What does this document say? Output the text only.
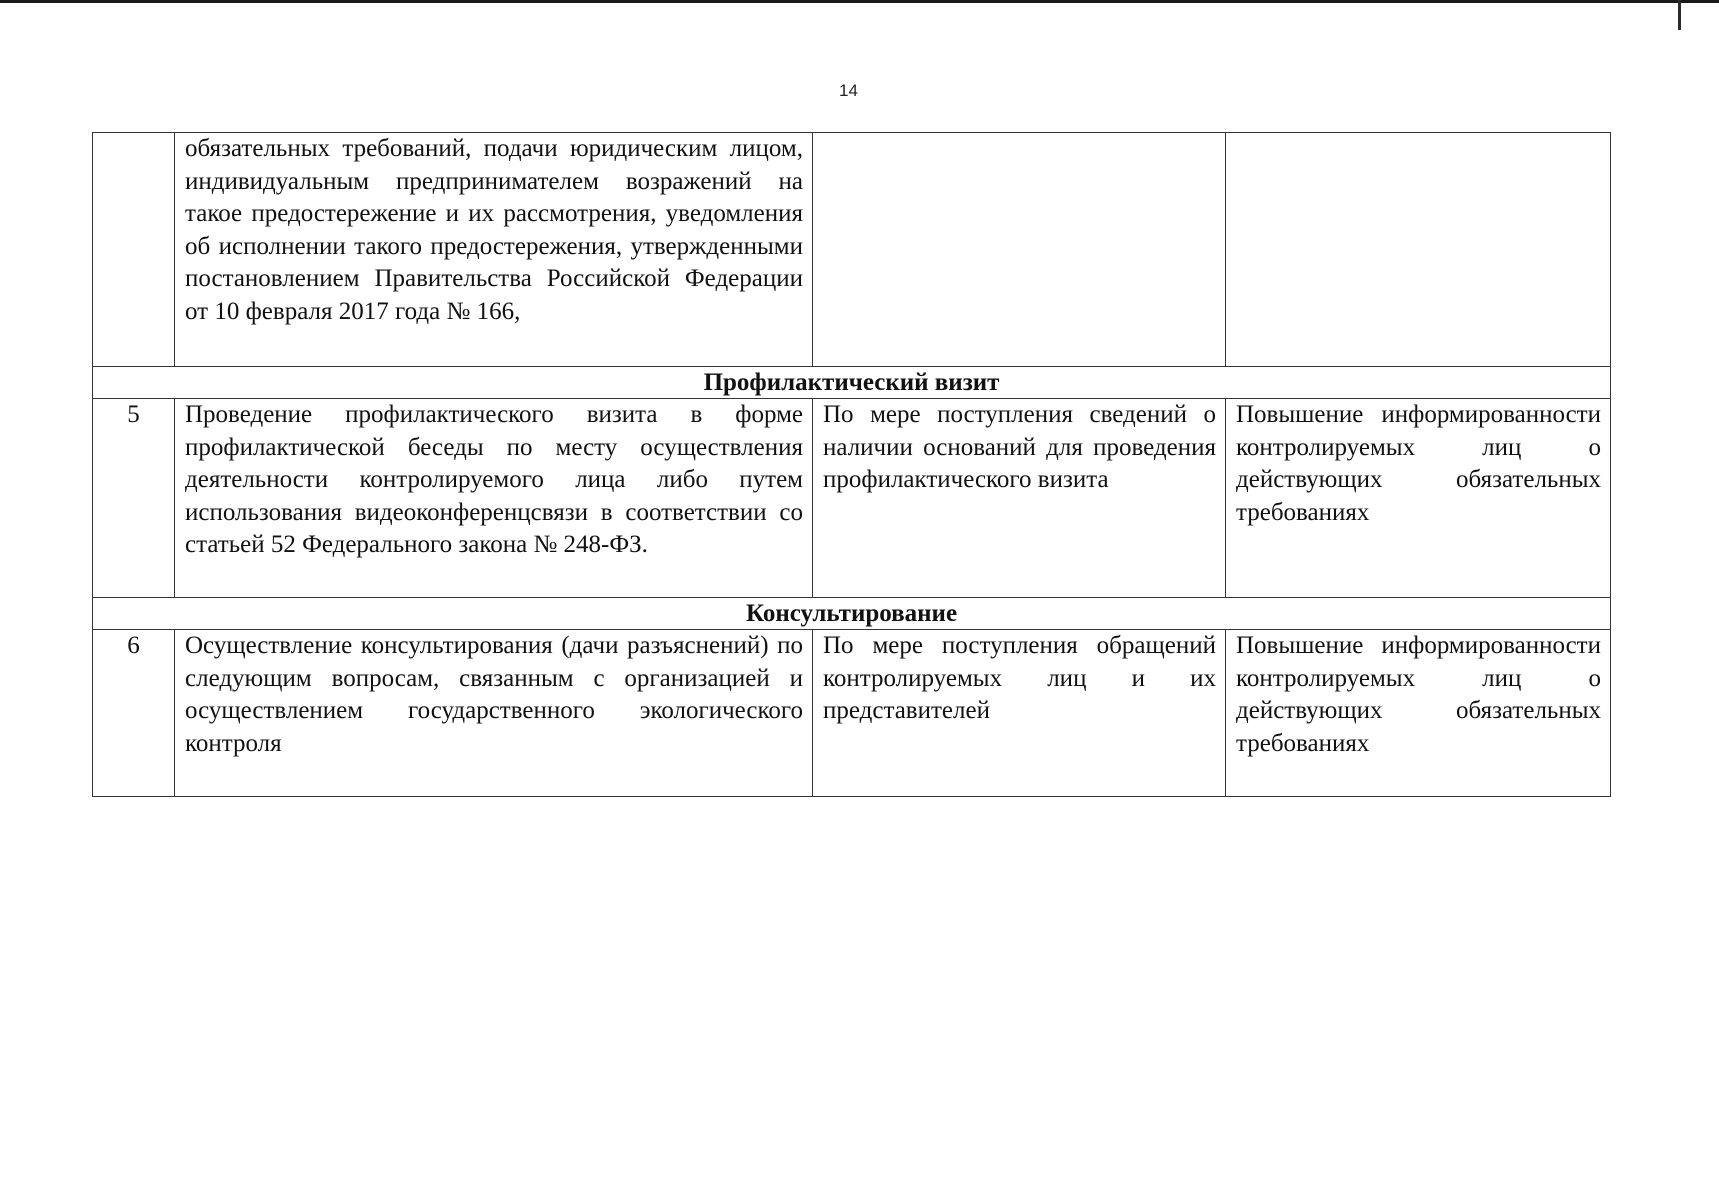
14
	обязательных требований, подачи юридическим лицом, индивидуальным предпринимателем возражений на такое предостережение и их рассмотрения, уведомления об исполнении такого предостережения, утвержденными постановлением Правительства Российской Федерации от 10 февраля 2017 года № 166,		
Профилактический визит			
5	Проведение профилактического визита в форме профилактической беседы по месту осуществления деятельности контролируемого лица либо путем использования видеоконференцсвязи в соответствии со статьей 52 Федерального закона № 248-ФЗ.	По мере поступления сведений о наличии оснований для проведения профилактического визита	Повышение информированности контролируемых лиц о действующих обязательных требованиях
Консультирование			
6	Осуществление консультирования (дачи разъяснений) по следующим вопросам, связанным с организацией и осуществлением государственного экологического контроля	По мере поступления обращений контролируемых лиц и их представителей	Повышение информированности контролируемых лиц о действующих обязательных требованиях
